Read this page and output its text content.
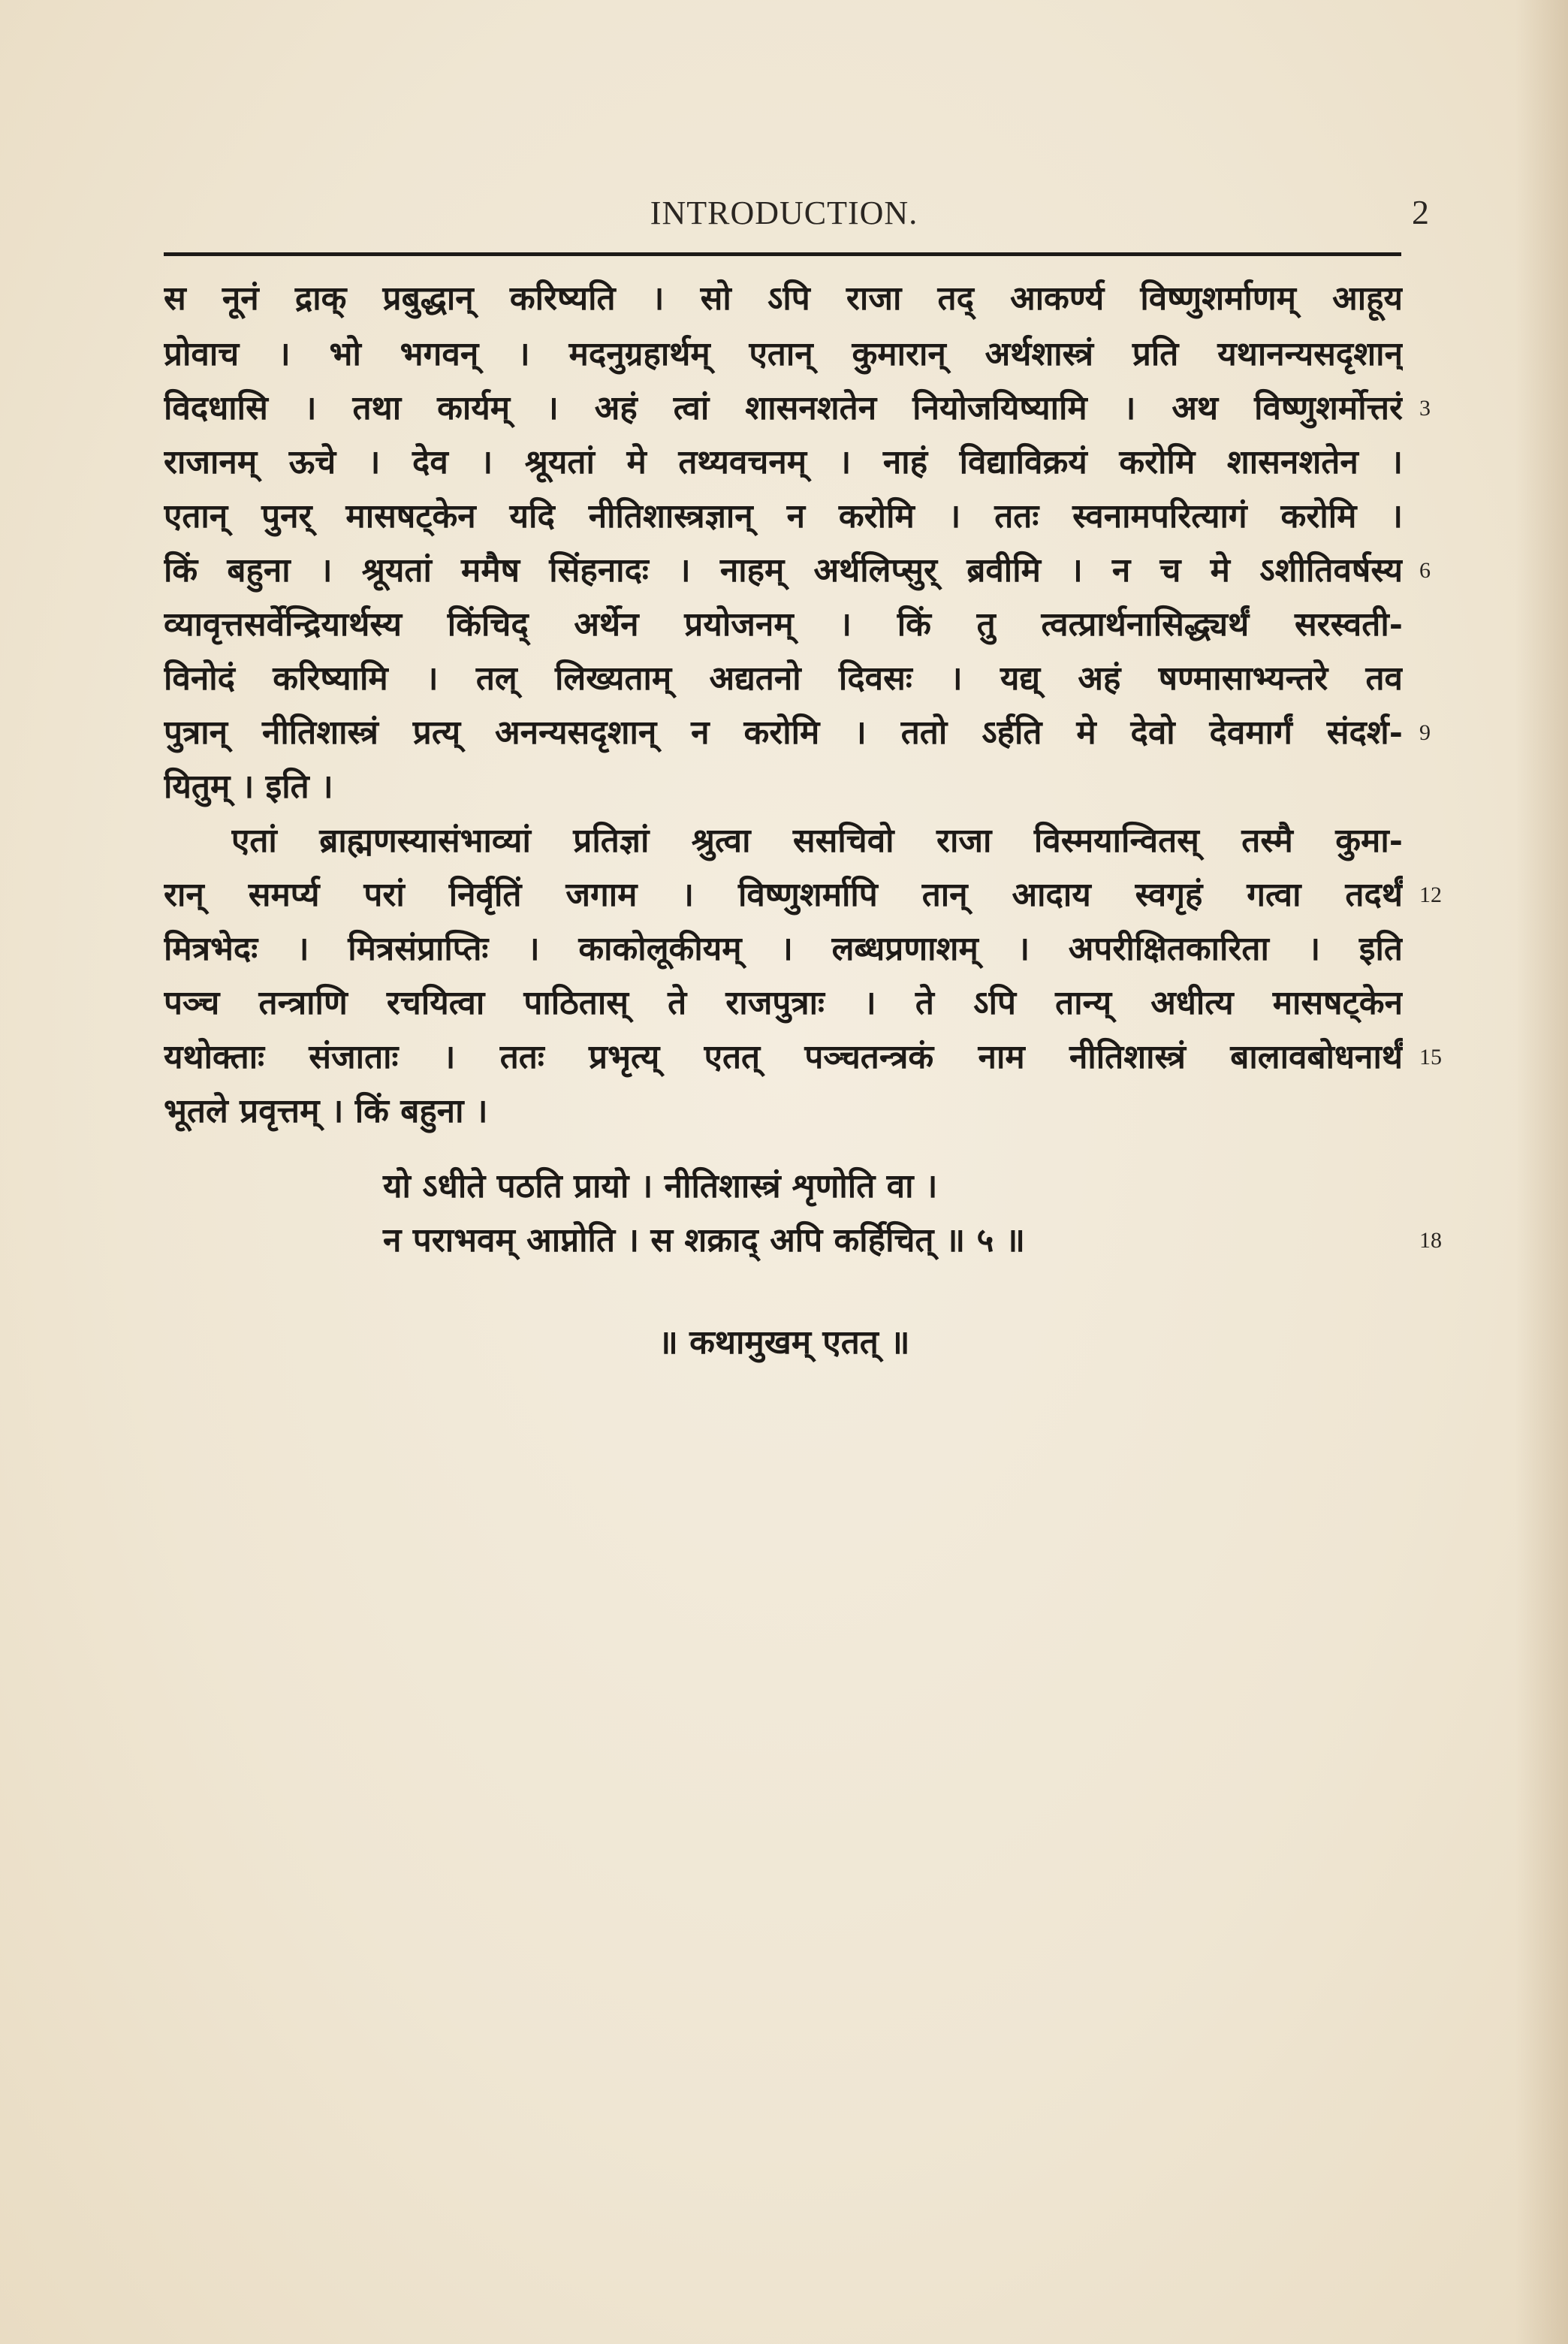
INTRODUCTION.	2
स नूनं द्राक् प्रबुद्धान् करिष्यति । सो ऽपि राजा तद् आकर्ण्य विष्णुशर्माणम् आहूय
प्रोवाच । भो भगवन् । मदनुग्रहार्थम् एतान् कुमारान् अर्थशास्त्रं प्रति यथानन्यसदृशान्
विदधासि । तथा कार्यम् । अहं त्वां शासनशतेन नियोजयिष्यामि । अथ विष्णुशर्मोत्तरं
राजानम् ऊचे । देव । श्रूयतां मे तथ्यवचनम् । नाहं विद्याविक्रयं करोमि शासनशतेन ।
एतान् पुनर् मासषट्केन यदि नीतिशास्त्रज्ञान् न करोमि । ततः स्वनामपरित्यागं करोमि ।
किं बहुना । श्रूयतां ममैष सिंहनादः । नाहम् अर्थलिप्सुर् ब्रवीमि । न च मे ऽशीतिवर्षस्य
व्यावृत्तसर्वेन्द्रियार्थस्य किंचिद् अर्थेन प्रयोजनम् । किं तु त्वत्प्रार्थनासिद्ध्यर्थं सरस्वती-
विनोदं करिष्यामि । तल् लिख्यताम् अद्यतनो दिवसः । यद्य् अहं षण्मासाभ्यन्तरे तव
पुत्रान् नीतिशास्त्रं प्रत्य् अनन्यसदृशान् न करोमि । ततो ऽर्हति मे देवो देवमार्गं संदर्श-
यितुम् । इति ।
एतां ब्राह्मणस्यासंभाव्यां प्रतिज्ञां श्रुत्वा ससचिवो राजा विस्मयान्वितस् तस्मै कुमा-
रान् समर्प्य परां निर्वृतिं जगाम । विष्णुशर्मापि तान् आदाय स्वगृहं गत्वा तदर्थं
मित्रभेदः । मित्रसंप्राप्तिः । काकोलूकीयम् । लब्धप्रणाशम् । अपरीक्षितकारिता । इति
पञ्च तन्त्राणि रचयित्वा पाठितास् ते राजपुत्राः । ते ऽपि तान्य् अधीत्य मासषट्केन
यथोक्ताः संजाताः । ततः प्रभृत्य् एतत् पञ्चतन्त्रकं नाम नीतिशास्त्रं बालावबोधनार्थं
भूतले प्रवृत्तम् । किं बहुना ।
यो ऽधीते पठति प्रायो । नीतिशास्त्रं शृणोति वा ।
न पराभवम् आप्नोति । स शक्राद् अपि कर्हिचित् ॥ ५ ॥
॥ कथामुखम् एतत् ॥
3
6
9
12
15
18
